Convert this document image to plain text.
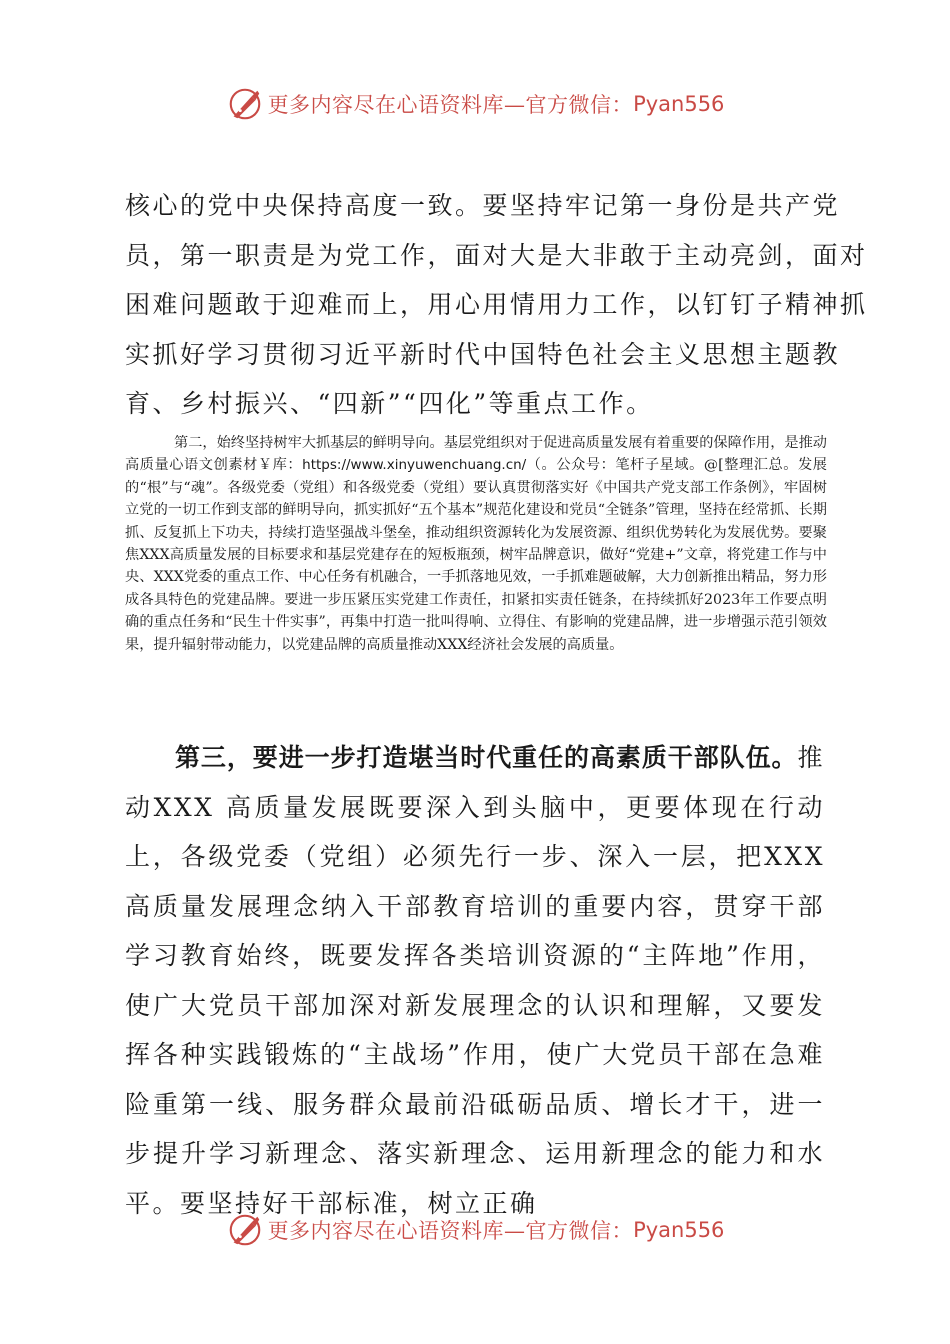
更多内容尽在心语资料库—官方微信： Pyan556

核心的党中央保持高度一致。要坚持牢记第一身份是共产党
员，第一职责是为党工作，面对大是大非敢于主动亮剑，面对
困难问题敢于迎难而上，用心用情用力工作，以钉钉子精神抓
实抓好学习贯彻习近平新时代中国特色社会主义思想主题教
育、乡村振兴、“四新”“四化”等重点工作。

第二，始终坚持树牢大抓基层的鲜明导向。基层党组织对于促进高质量发展有着重要的保障作用，是推动高质量心语文创素材￥库：https://www.xinyuwenchuang.cn/（。公众号：笔杆子星域。@[整理汇总。发展的“根”与“魂”。各级党委（党组）和各级党委（党组）要认真贯彻落实好《中国共产党支部工作条例》，牢固树立党的一切工作到支部的鲜明导向，抓实抓好“五个基本”规范化建设和党员“全链条”管理，坚持在经常抓、长期抓、反复抓上下功夫，持续打造坚强战斗堡垒，推动组织资源转化为发展资源、组织优势转化为发展优势。要聚焦XXX高质量发展的目标要求和基层党建存在的短板瓶颈，树牢品牌意识，做好“党建+”文章，将党建工作与中央、XXX党委的重点工作、中心任务有机融合，一手抓落地见效，一手抓难题破解，大力创新推出精品，努力形成各具特色的党建品牌。要进一步压紧压实党建工作责任，扣紧扣实责任链条，在持续抓好2023年工作要点明确的重点任务和“民生十件实事”，再集中打造一批叫得响、立得住、有影响的党建品牌，进一步增强示范引领效果，提升辐射带动能力，以党建品牌的高质量推动XXX经济社会发展的高质量。

第三，要进一步打造堪当时代重任的高素质干部队伍。推动XXX 高质量发展既要深入到头脑中，更要体现在行动上，各级党委（党组）必须先行一步、深入一层，把XXX 高质量发展理念纳入干部教育培训的重要内容，贯穿干部学习教育始终，既要发挥各类培训资源的“主阵地”作用，使广大党员干部加深对新发展理念的认识和理解，又要发挥各种实践锻炼的“主战场”作用，使广大党员干部在急难险重第一线、服务群众最前沿砥砺品质、增长才干，进一步提升学习新理念、落实新理念、运用新理念的能力和水平。要坚持好干部标准，树立正确

更多内容尽在心语资料库—官方微信： Pyan556
